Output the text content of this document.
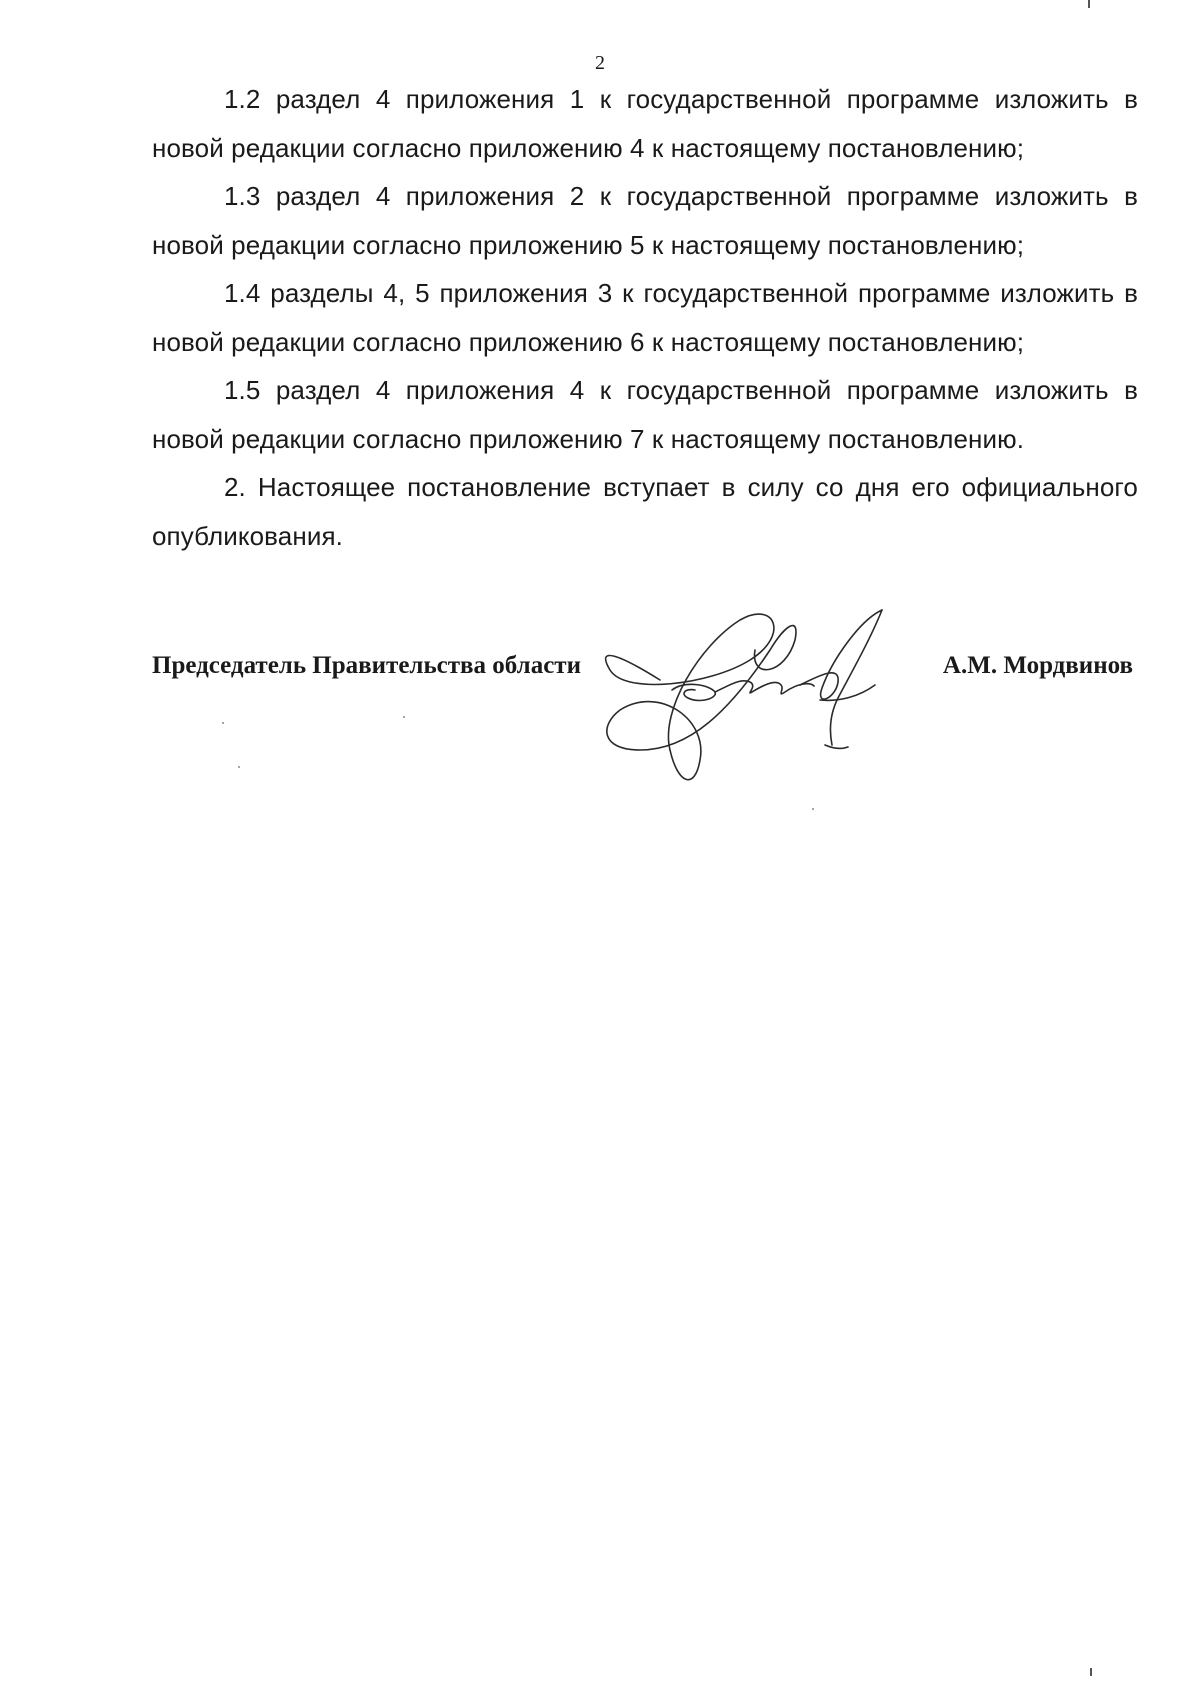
2

1.2 раздел 4 приложения 1 к государственной программе изложить в новой редакции согласно приложению 4 к настоящему постановлению;

1.3 раздел 4 приложения 2 к государственной программе изложить в новой редакции согласно приложению 5 к настоящему постановлению;

1.4 разделы 4, 5 приложения 3 к государственной программе изложить в новой редакции согласно приложению 6 к настоящему постановлению;

1.5 раздел 4 приложения 4 к государственной программе изложить в новой редакции согласно приложению 7 к настоящему постановлению.

2. Настоящее постановление вступает в силу со дня его официального опубликования.

Председатель Правительства области	А.М. Мордвинов
